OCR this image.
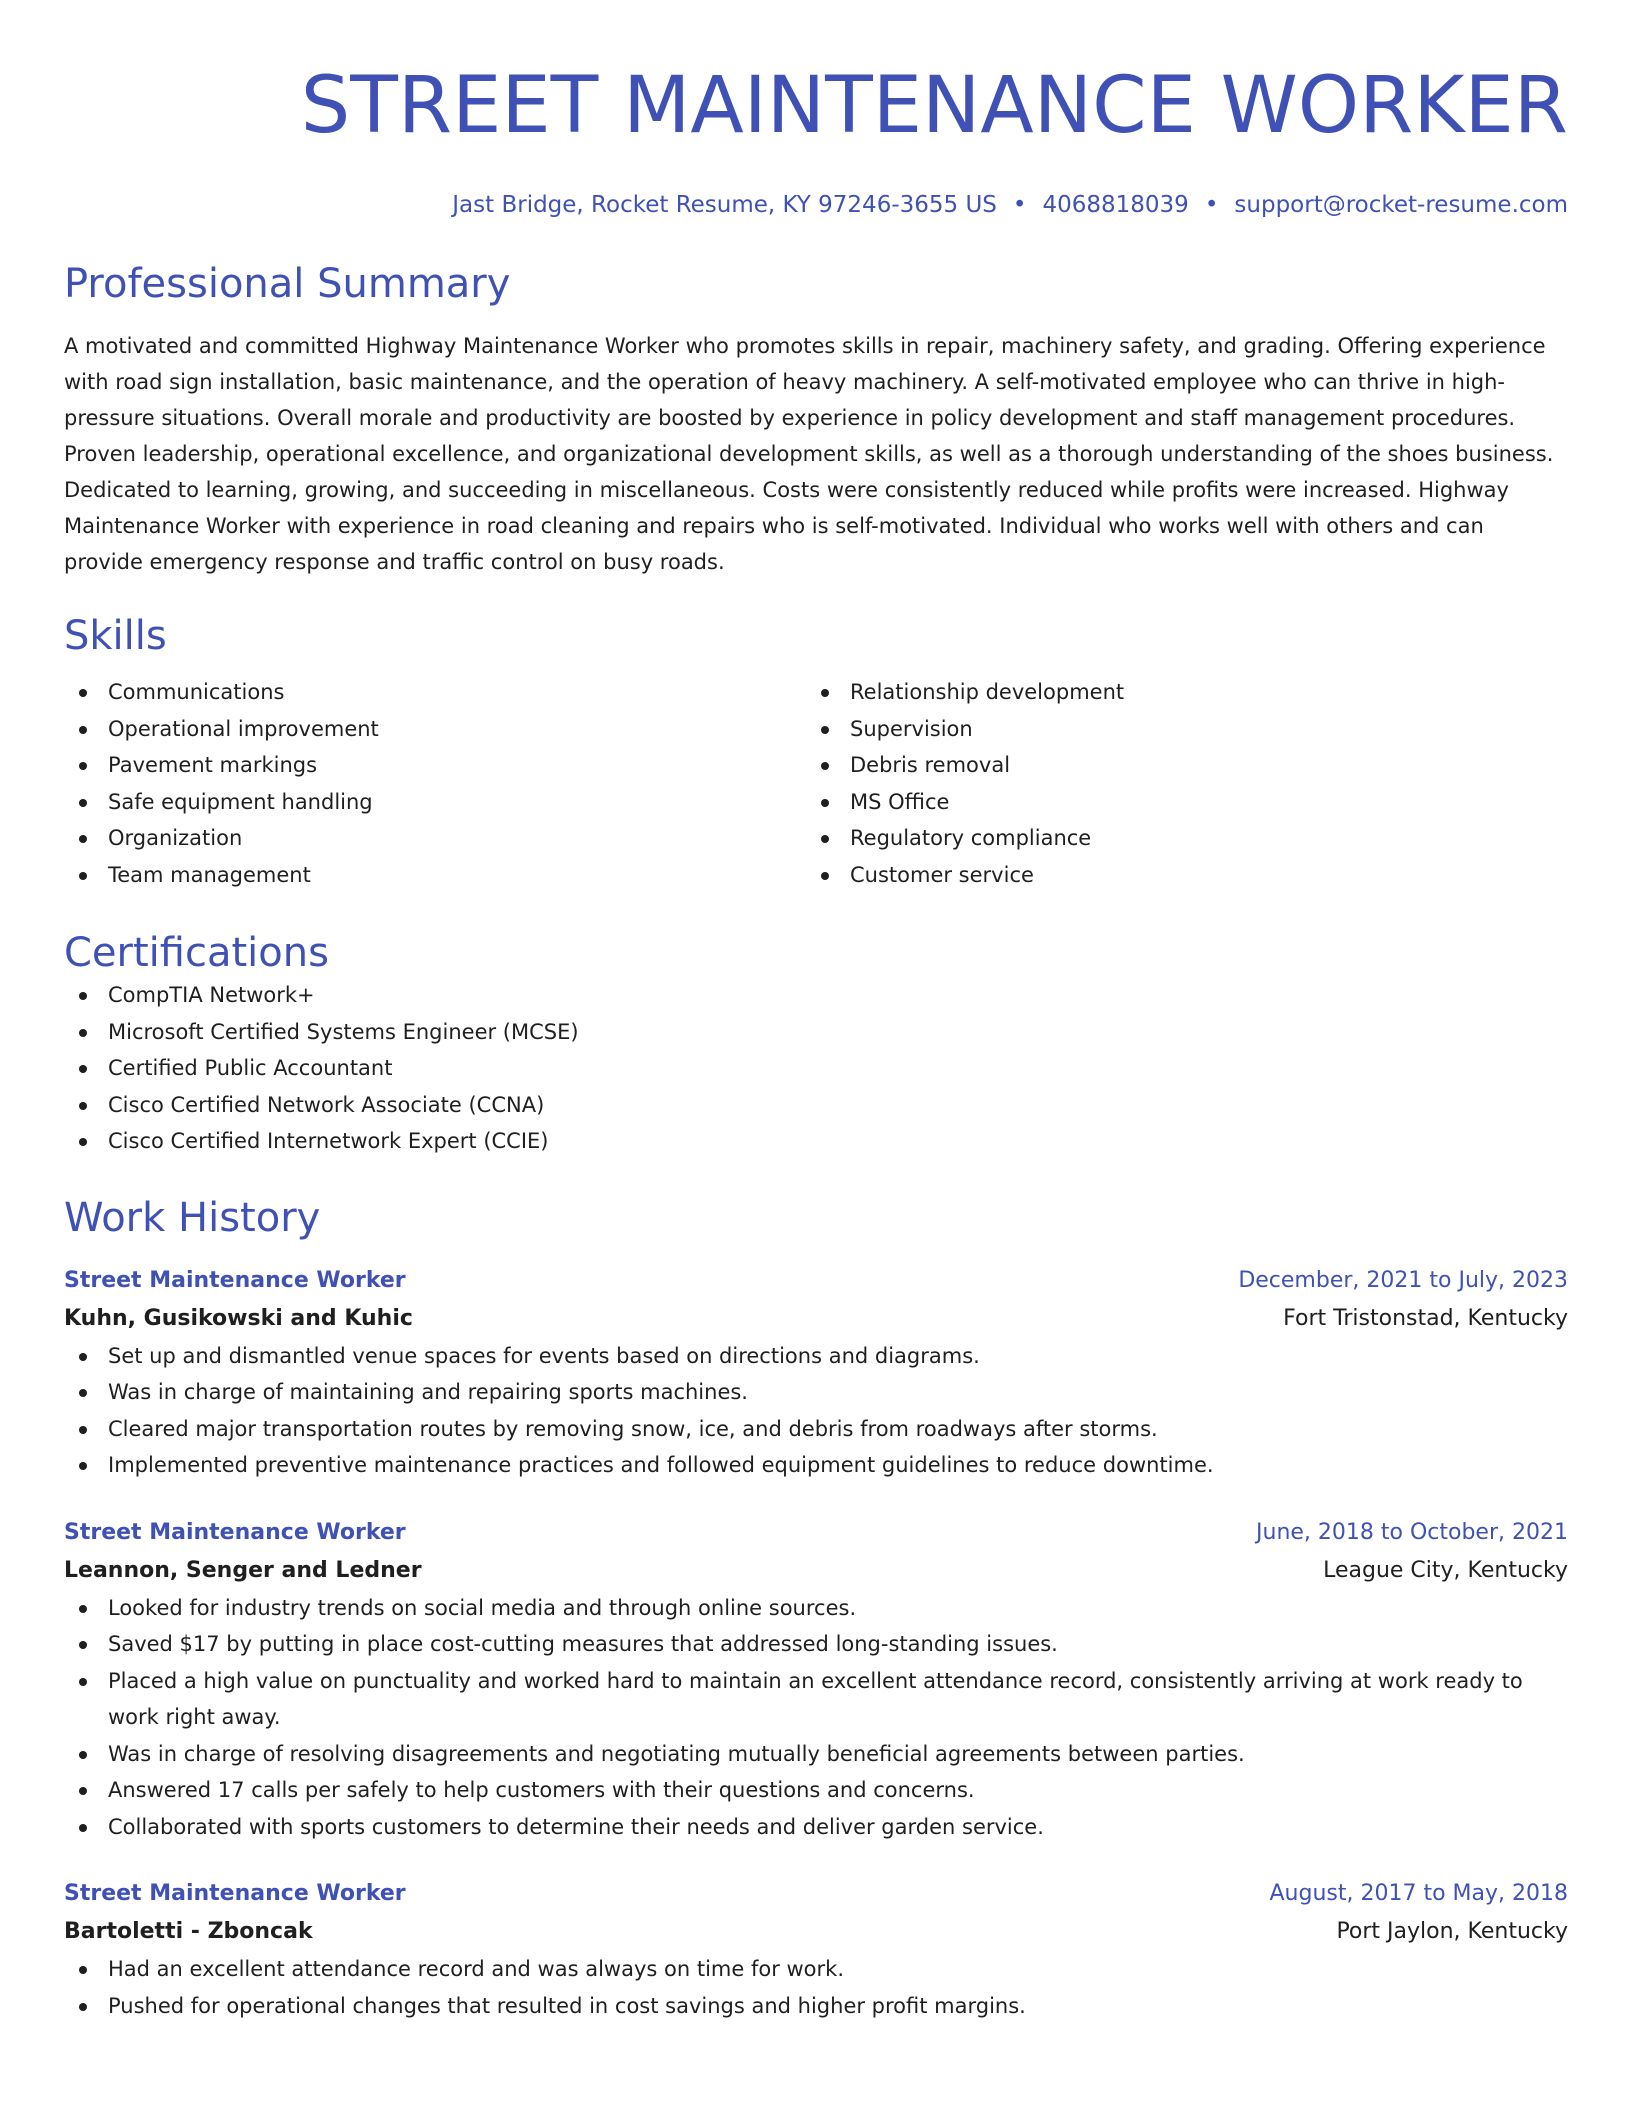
STREET MAINTENANCE WORKER
Jast Bridge, Rocket Resume, KY 97246-3655 US • 4068818039 • support@rocket-resume.com
Professional Summary

A motivated and committed Highway Maintenance Worker who promotes skills in repair, machinery safety, and grading. Offering experience with road sign installation, basic maintenance, and the operation of heavy machinery. A self-motivated employee who can thrive in high-pressure situations. Overall morale and productivity are boosted by experience in policy development and staff management procedures. Proven leadership, operational excellence, and organizational development skills, as well as a thorough understanding of the shoes business. Dedicated to learning, growing, and succeeding in miscellaneous. Costs were consistently reduced while profits were increased. Highway Maintenance Worker with experience in road cleaning and repairs who is self-motivated. Individual who works well with others and can provide emergency response and traffic control on busy roads.

Skills
Communications
Operational improvement
Pavement markings
Safe equipment handling
Organization
Team management
Relationship development
Supervision
Debris removal
MS Office
Regulatory compliance
Customer service
Certifications
CompTIA Network+
Microsoft Certified Systems Engineer (MCSE)
Certified Public Accountant
Cisco Certified Network Associate (CCNA)
Cisco Certified Internetwork Expert (CCIE)
Work History
Street Maintenance Worker	December, 2021 to July, 2023
Kuhn, Gusikowski and Kuhic	Fort Tristonstad, Kentucky
Set up and dismantled venue spaces for events based on directions and diagrams.
Was in charge of maintaining and repairing sports machines.
Cleared major transportation routes by removing snow, ice, and debris from roadways after storms.
Implemented preventive maintenance practices and followed equipment guidelines to reduce downtime.
Street Maintenance Worker	June, 2018 to October, 2021
Leannon, Senger and Ledner	League City, Kentucky
Looked for industry trends on social media and through online sources.
Saved $17 by putting in place cost-cutting measures that addressed long-standing issues.
Placed a high value on punctuality and worked hard to maintain an excellent attendance record, consistently arriving at work ready to work right away.
Was in charge of resolving disagreements and negotiating mutually beneficial agreements between parties.
Answered 17 calls per safely to help customers with their questions and concerns.
Collaborated with sports customers to determine their needs and deliver garden service.
Street Maintenance Worker	August, 2017 to May, 2018
Bartoletti - Zboncak	Port Jaylon, Kentucky
Had an excellent attendance record and was always on time for work.
Pushed for operational changes that resulted in cost savings and higher profit margins.
